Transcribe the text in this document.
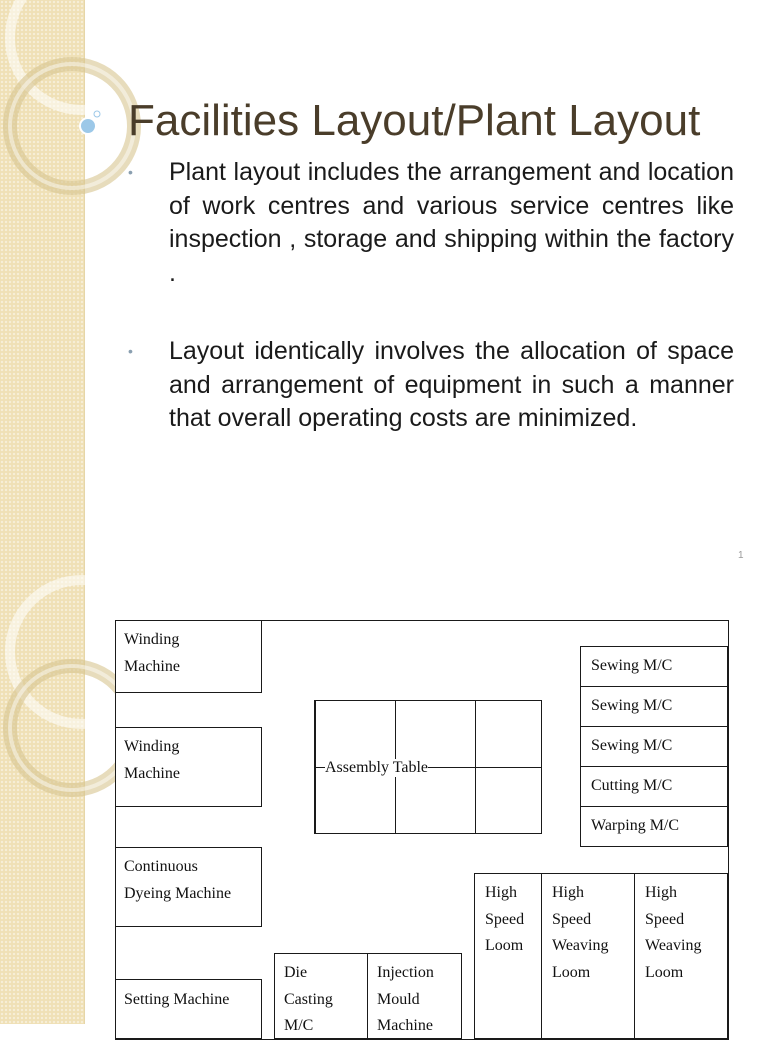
Facilities Layout/Plant Layout
• Plant layout includes the arrangement and location of work centres and various service centres like inspection , storage and shipping within the factory .
• Layout identically involves the allocation of space and arrangement of equipment in such a manner that overall operating costs are minimized.
1
Winding
Machine
Winding
Machine
Continuous
Dyeing Machine
Setting Machine
Die
Casting
M/C
Injection
Mould
Machine
Assembly Table
Sewing M/C
Sewing M/C
Sewing M/C
Cutting M/C
Warping M/C
High
Speed
Loom
High
Speed
Weaving
Loom
High
Speed
Weaving
Loom
